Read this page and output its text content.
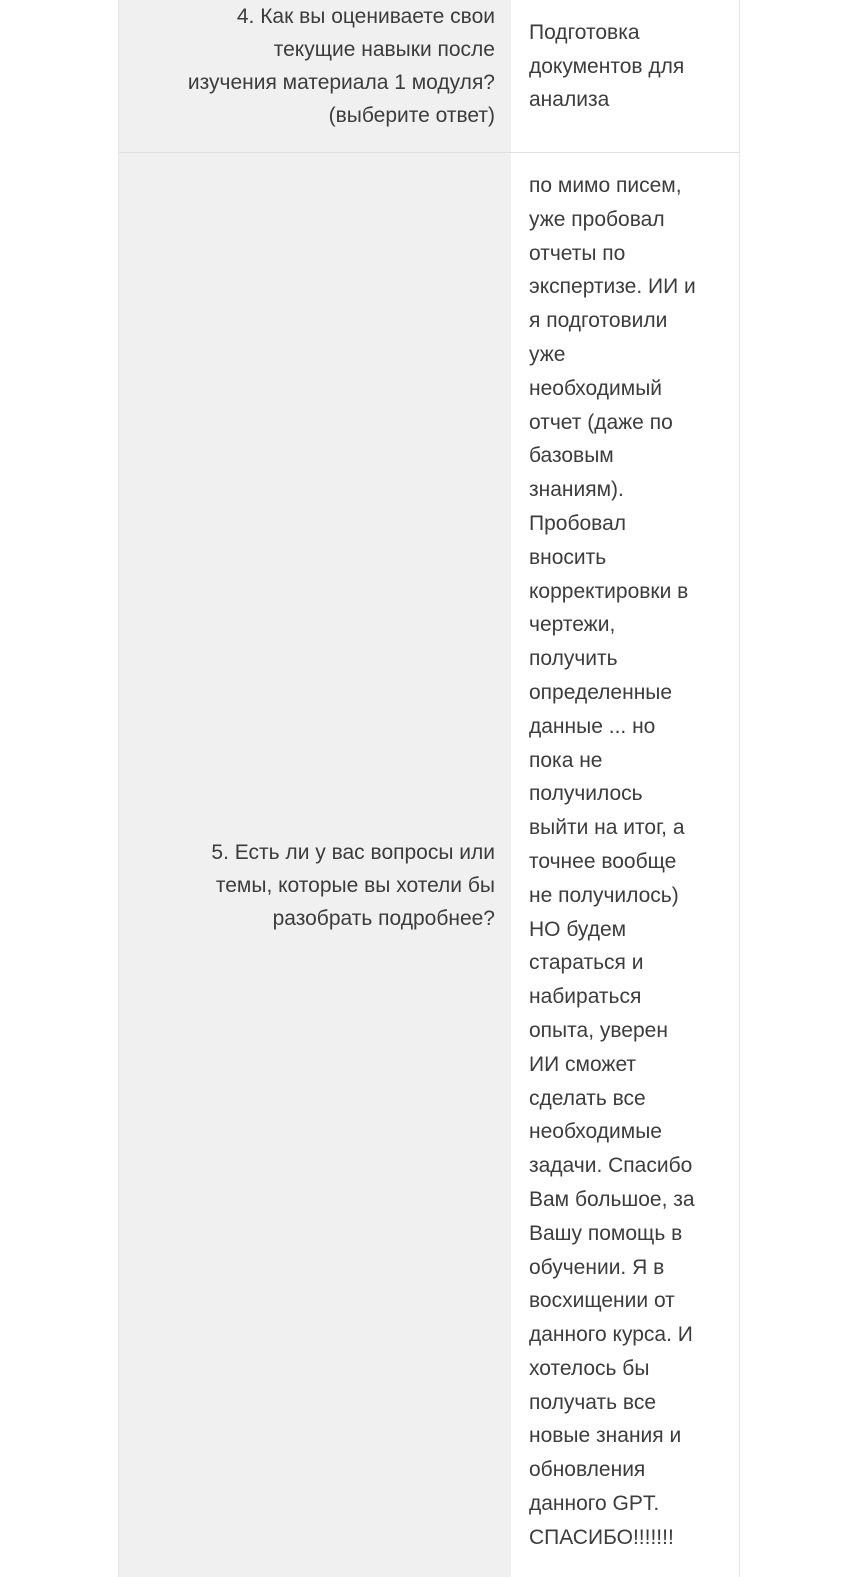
4. Как вы оцениваете свои
текущие навыки после
изучения материала 1 модуля?
(выберите ответ)
Подготовка
документов для
анализа
5. Есть ли у вас вопросы или
темы, которые вы хотели бы
разобрать подробнее?
по мимо писем,
уже пробовал
отчеты по
экспертизе. ИИ и
я подготовили
уже
необходимый
отчет (даже по
базовым
знаниям).
Пробовал
вносить
корректировки в
чертежи,
получить
определенные
данные ... но
пока не
получилось
выйти на итог, а
точнее вообще
не получилось)
НО будем
стараться и
набираться
опыта, уверен
ИИ сможет
сделать все
необходимые
задачи. Спасибо
Вам большое, за
Вашу помощь в
обучении. Я в
восхищении от
данного курса. И
хотелось бы
получать все
новые знания и
обновления
данного GPT.
СПАСИБО!!!!!!!
